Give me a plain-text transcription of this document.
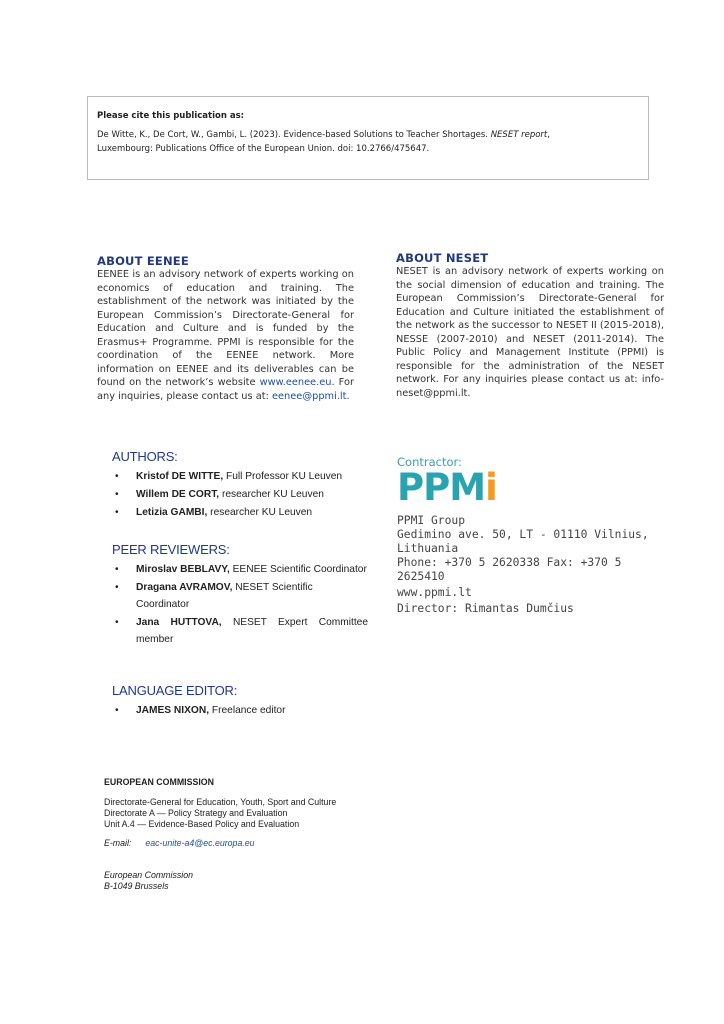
Please cite this publication as:
De Witte, K., De Cort, W., Gambi, L. (2023). Evidence-based Solutions to Teacher Shortages. NESET report,
Luxembourg: Publications Office of the European Union. doi: 10.2766/475647.
ABOUT EENEE
EENEE is an advisory network of experts working on economics of education and training. The establishment of the network was initiated by the European Commission’s Directorate-General for Education and Culture and is funded by the Erasmus+ Programme. PPMI is responsible for the coordination of the EENEE network. More information on EENEE and its deliverables can be found on the network’s website www.eenee.eu. For any inquiries, please contact us at: eenee@ppmi.lt.
ABOUT NESET
NESET is an advisory network of experts working on the social dimension of education and training. The European Commission’s Directorate-General for Education and Culture initiated the establishment of the network as the successor to NESET II (2015-2018), NESSE (2007-2010) and NESET (2011-2014). The Public Policy and Management Institute (PPMI) is responsible for the administration of the NESET network. For any inquiries please contact us at: info-neset@ppmi.lt.
AUTHORS:
• Kristof DE WITTE, Full Professor KU Leuven
• Willem DE CORT, researcher KU Leuven
• Letizia GAMBI, researcher KU Leuven
PEER REVIEWERS:
• Miroslav BEBLAVY, EENEE Scientific Coordinator
• Dragana AVRAMOV, NESET Scientific Coordinator
• Jana HUTTOVA, NESET Expert Committee member
LANGUAGE EDITOR:
• JAMES NIXON, Freelance editor
Contractor:
PPMi
PPMI Group
Gedimino ave. 50, LT - 01110 Vilnius,
Lithuania
Phone: +370 5 2620338 Fax: +370 5
2625410
www.ppmi.lt
Director: Rimantas Dumčius
EUROPEAN COMMISSION
Directorate-General for Education, Youth, Sport and Culture
Directorate A — Policy Strategy and Evaluation
Unit A.4 — Evidence-Based Policy and Evaluation
E-mail: eac-unite-a4@ec.europa.eu
European Commission
B-1049 Brussels
